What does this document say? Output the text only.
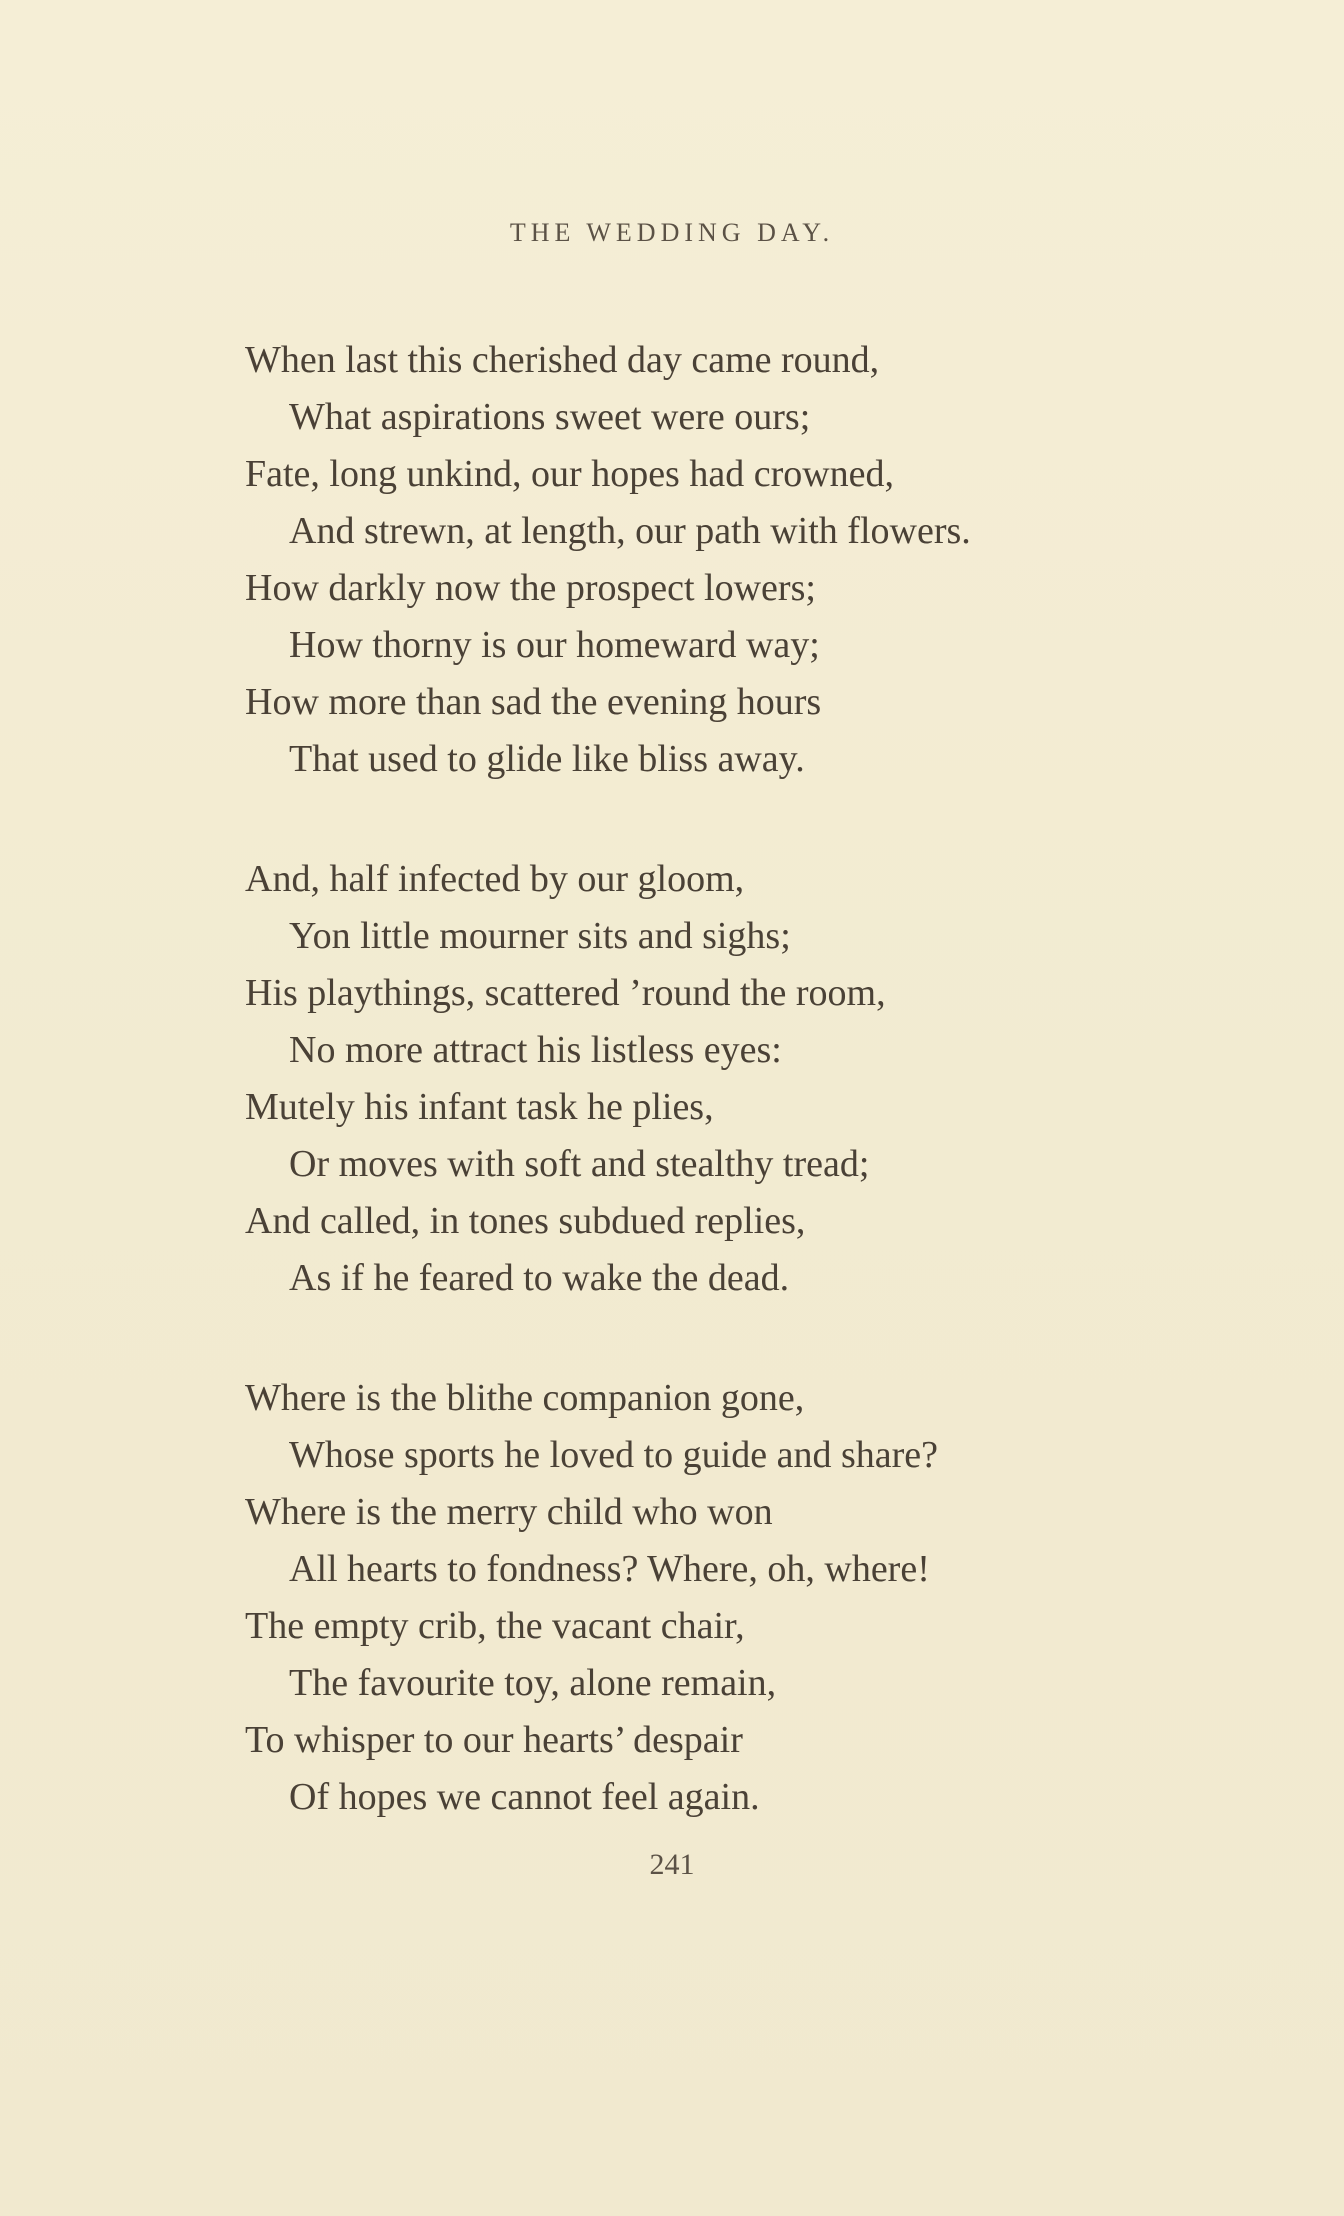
THE WEDDING DAY.
When last this cherished day came round,
What aspirations sweet were ours;
Fate, long unkind, our hopes had crowned,
And strewn, at length, our path with flowers.
How darkly now the prospect lowers;
How thorny is our homeward way;
How more than sad the evening hours
That used to glide like bliss away.
And, half infected by our gloom,
Yon little mourner sits and sighs;
His playthings, scattered ’round the room,
No more attract his listless eyes:
Mutely his infant task he plies,
Or moves with soft and stealthy tread;
And called, in tones subdued replies,
As if he feared to wake the dead.
Where is the blithe companion gone,
Whose sports he loved to guide and share?
Where is the merry child who won
All hearts to fondness? Where, oh, where!
The empty crib, the vacant chair,
The favourite toy, alone remain,
To whisper to our hearts’ despair
Of hopes we cannot feel again.
241
